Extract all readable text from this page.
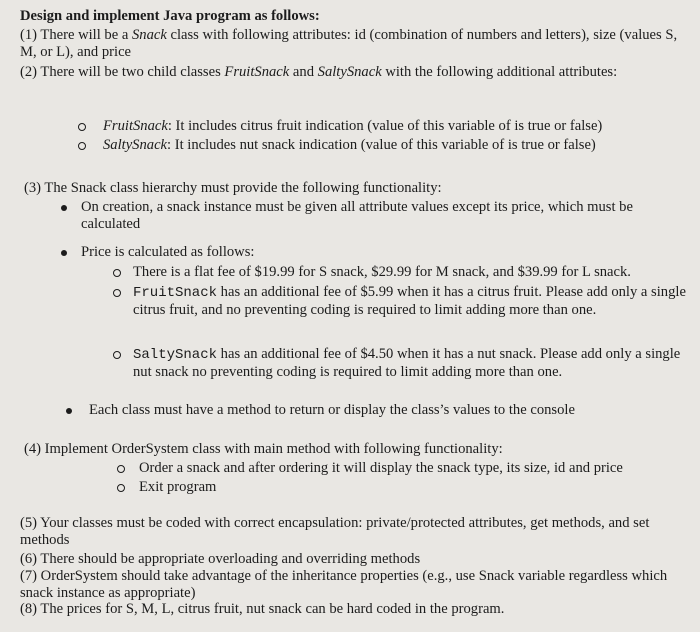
Design and implement Java program as follows:
(1) There will be a Snack class with following attributes: id (combination of numbers and letters), size (values S, M, or L), and price
(2) There will be two child classes FruitSnack and SaltySnack with the following additional attributes:
FruitSnack: It includes citrus fruit indication (value of this variable of is true or false)
SaltySnack: It includes nut snack indication (value of this variable of is true or false)
(3) The Snack class hierarchy must provide the following functionality:
On creation, a snack instance must be given all attribute values except its price, which must be calculated
Price is calculated as follows:
There is a flat fee of $19.99 for S snack, $29.99 for M snack, and $39.99 for L snack.
FruitSnack has an additional fee of $5.99 when it has a citrus fruit. Please add only a single citrus fruit, and no preventing coding is required to limit adding more than one.
SaltySnack has an additional fee of $4.50 when it has a nut snack. Please add only a single nut snack no preventing coding is required to limit adding more than one.
Each class must have a method to return or display the class’s values to the console
(4) Implement OrderSystem class with main method with following functionality:
Order a snack and after ordering it will display the snack type, its size, id and price
Exit program
(5) Your classes must be coded with correct encapsulation: private/protected attributes, get methods, and set methods
(6) There should be appropriate overloading and overriding methods
(7) OrderSystem should take advantage of the inheritance properties (e.g., use Snack variable regardless which snack instance as appropriate)
(8) The prices for S, M, L, citrus fruit, nut snack can be hard coded in the program.
